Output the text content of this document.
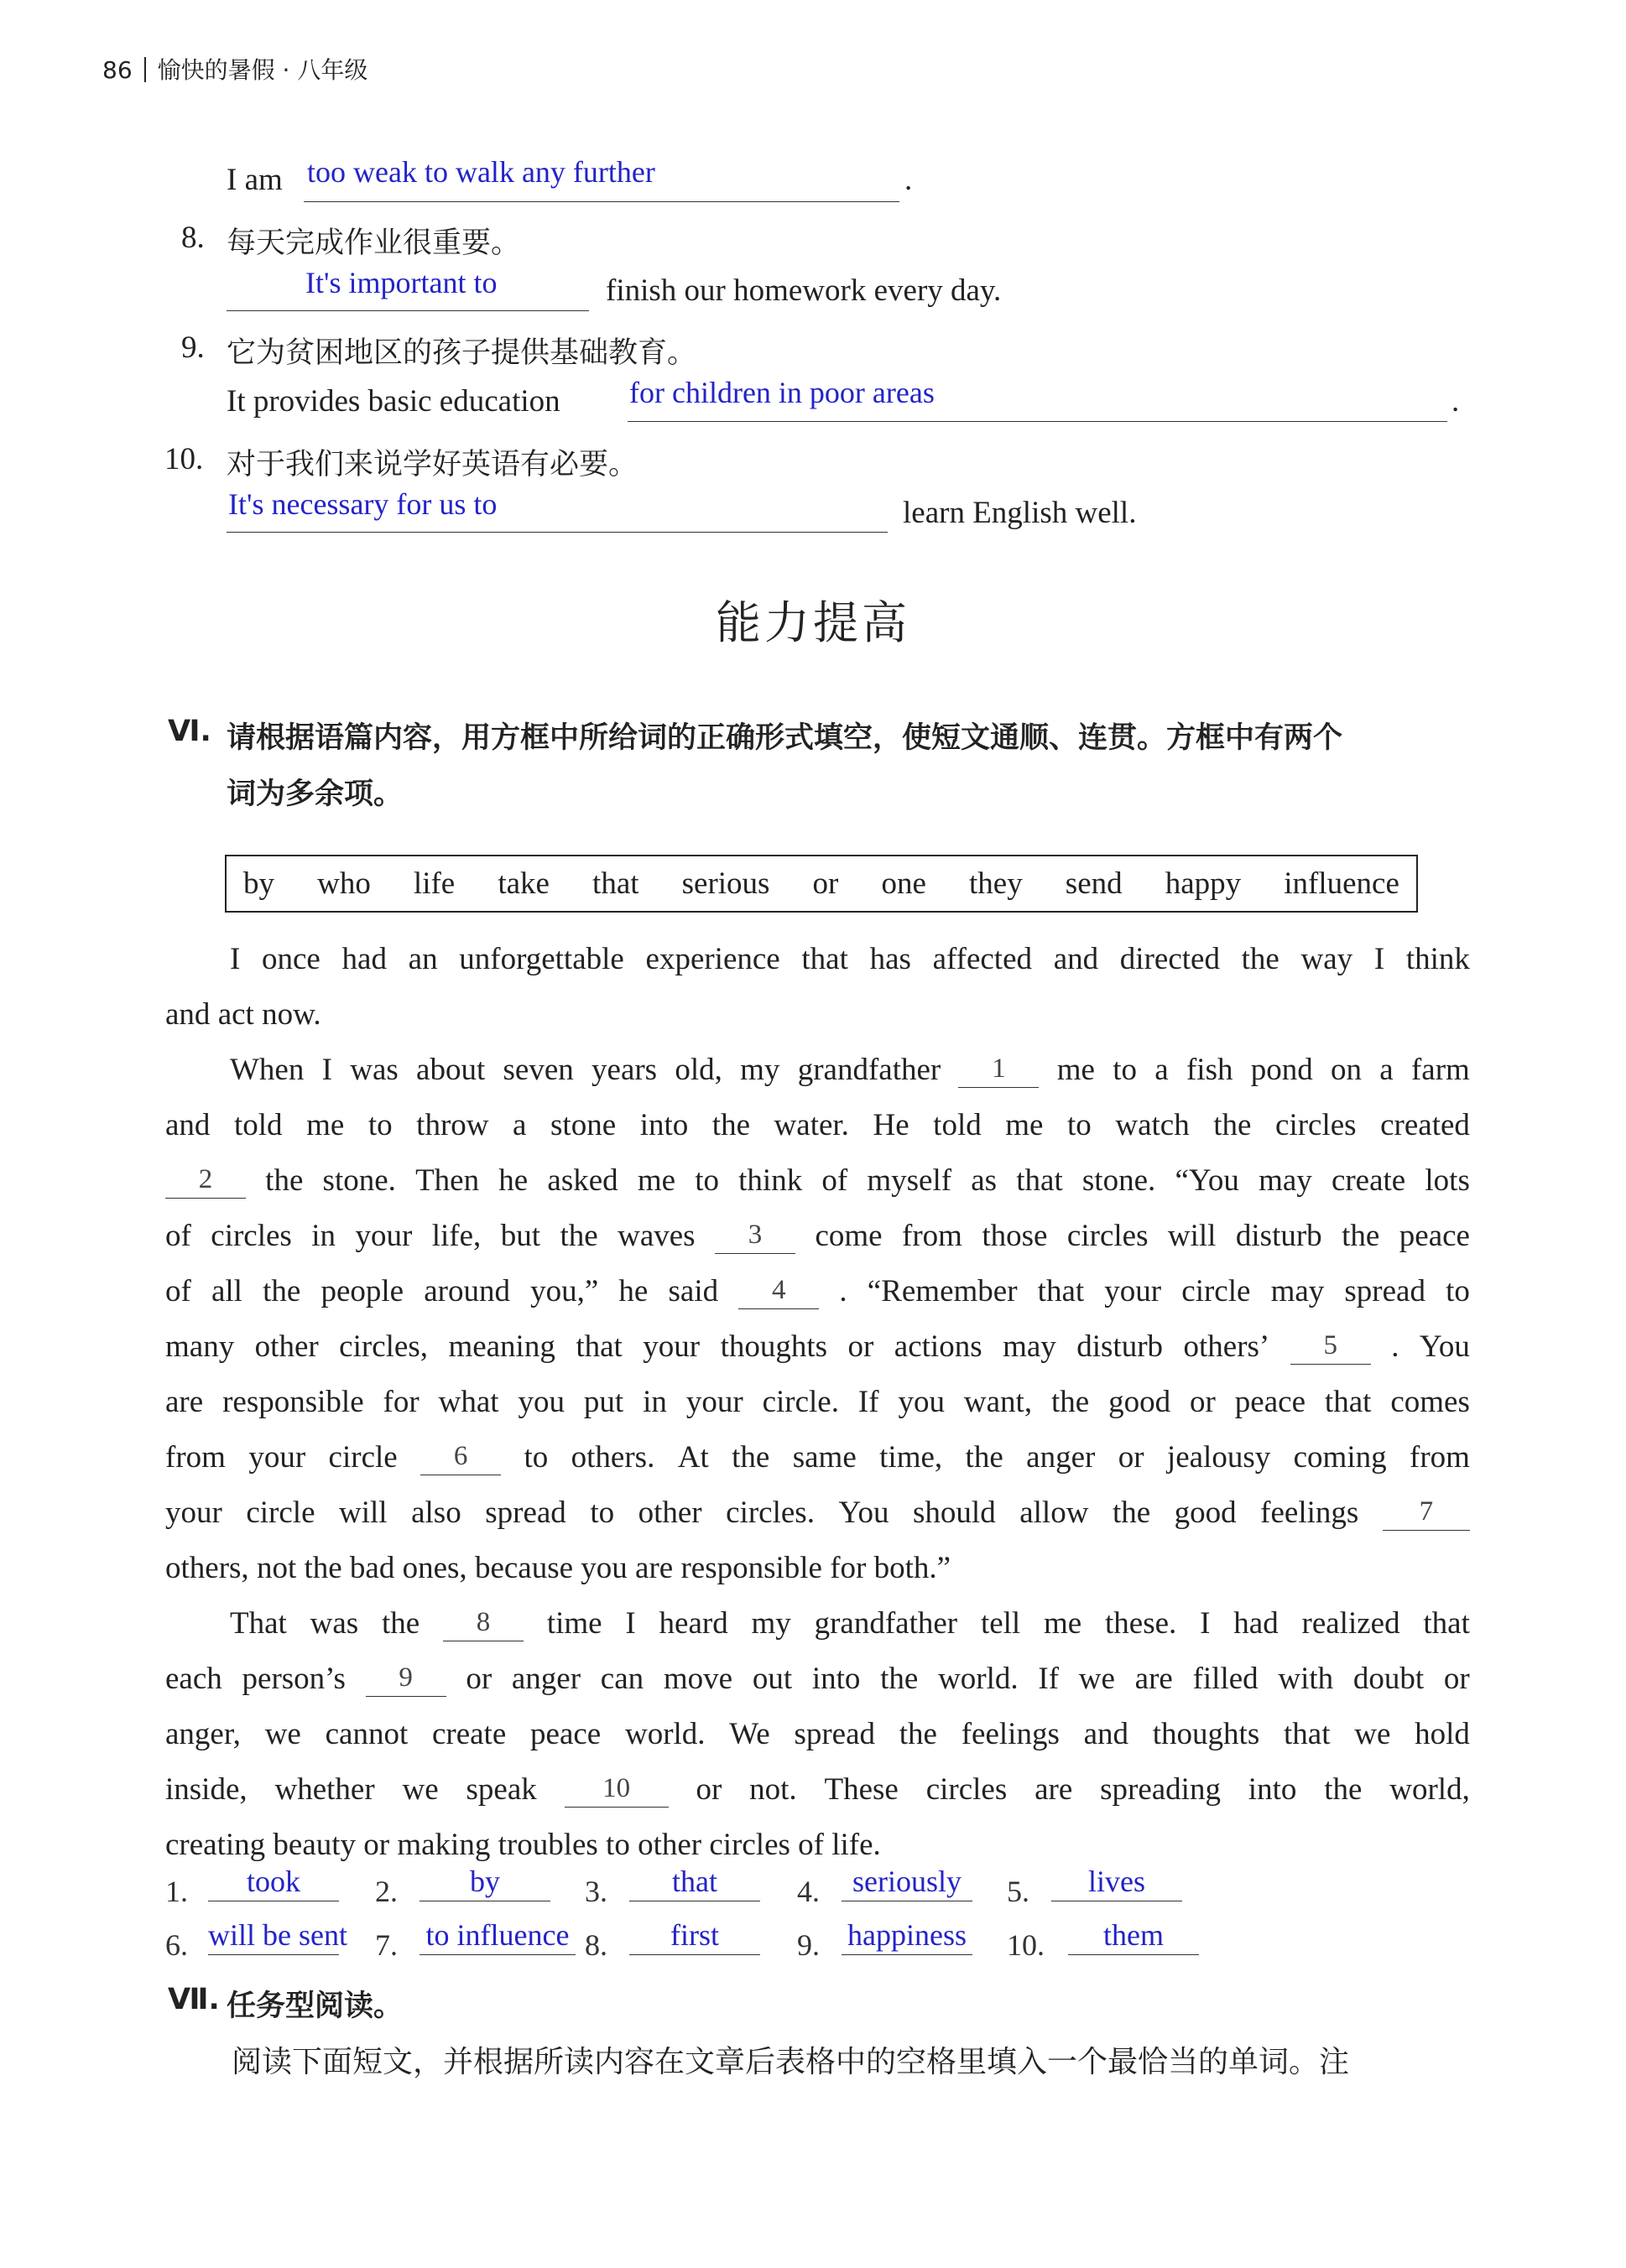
86 愉快的暑假 · 八年级
I am too weak to walk any further	.
8. 每天完成作业很重要。
It's important to	finish our homework every day.
9. 它为贫困地区的孩子提供基础教育。
It provides basic education for children in poor areas	.
10. 对于我们来说学好英语有必要。
It's necessary for us to	learn English well.
能力提高
Ⅵ. 请根据语篇内容，用方框中所给词的正确形式填空，使短文通顺、连贯。方框中有两个
词为多余项。
by who life take that serious or one they send happy influence
I once had an unforgettable experience that has affected and directed the way I think
and act now.
When I was about seven years old, my grandfather	1	me to a fish pond on a farm
and told me to throw a stone into the water. He told me to watch the circles created
2	the stone. Then he asked me to think of myself as that stone. “You may create lots
of circles in your life, but the waves	3	come from those circles will disturb the peace
of all the people around you,” he said	4	. “Remember that your circle may spread to
many other circles, meaning that your thoughts or actions may disturb others’	5	. You
are responsible for what you put in your circle. If you want, the good or peace that comes
from your circle	6	to others. At the same time, the anger or jealousy coming from
your circle will also spread to other circles. You should allow the good feelings	7
others, not the bad ones, because you are responsible for both.”
That was the	8	time I heard my grandfather tell me these. I had realized that
each person’s	9	or anger can move out into the world. If we are filled with doubt or
anger, we cannot create peace world. We spread the feelings and thoughts that we hold
inside, whether we speak	10	or not. These circles are spreading into the world,
creating beauty or making troubles to other circles of life.
1.	took	2.	by	3.	that	4.	seriously	5.	lives
6. will be sent 7. to influence 8.	first	9. happiness 10.	them
Ⅶ. 任务型阅读。
阅读下面短文，并根据所读内容在文章后表格中的空格里填入一个最恰当的单词。注
